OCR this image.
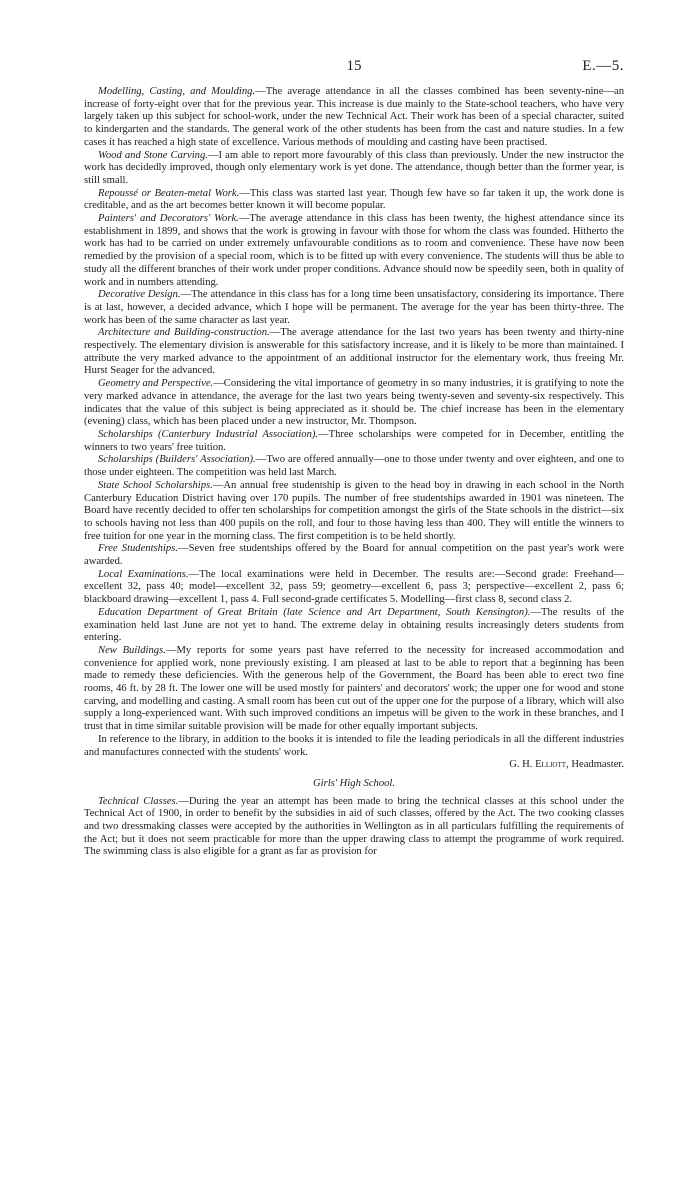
15	E.—5.

Modelling, Casting, and Moulding.—The average attendance in all the classes combined has been seventy-nine—an increase of forty-eight over that for the previous year. This increase is due mainly to the State-school teachers, who have very largely taken up this subject for school-work, under the new Technical Act. Their work has been of a special character, suited to kindergarten and the standards. The general work of the other students has been from the cast and nature studies. In a few cases it has reached a high state of excellence. Various methods of moulding and casting have been practised.

Wood and Stone Carving.—I am able to report more favourably of this class than previously. Under the new instructor the work has decidedly improved, though only elementary work is yet done. The attendance, though better than the former year, is still small.

Repoussé or Beaten-metal Work.—This class was started last year. Though few have so far taken it up, the work done is creditable, and as the art becomes better known it will become popular.

Painters' and Decorators' Work.—The average attendance in this class has been twenty, the highest attendance since its establishment in 1899, and shows that the work is growing in favour with those for whom the class was founded. Hitherto the work has had to be carried on under extremely unfavourable conditions as to room and convenience. These have now been remedied by the provision of a special room, which is to be fitted up with every convenience. The students will thus be able to study all the different branches of their work under proper conditions. Advance should now be speedily seen, both in quality of work and in numbers attending.

Decorative Design.—The attendance in this class has for a long time been unsatisfactory, considering its importance. There is at last, however, a decided advance, which I hope will be permanent. The average for the year has been thirty-three. The work has been of the same character as last year.

Architecture and Building-construction.—The average attendance for the last two years has been twenty and thirty-nine respectively. The elementary division is answerable for this satisfactory increase, and it is likely to be more than maintained. I attribute the very marked advance to the appointment of an additional instructor for the elementary work, thus freeing Mr. Hurst Seager for the advanced.

Geometry and Perspective.—Considering the vital importance of geometry in so many industries, it is gratifying to note the very marked advance in attendance, the average for the last two years being twenty-seven and seventy-six respectively. This indicates that the value of this subject is being appreciated as it should be. The chief increase has been in the elementary (evening) class, which has been placed under a new instructor, Mr. Thompson.

Scholarships (Canterbury Industrial Association).—Three scholarships were competed for in December, entitling the winners to two years' free tuition.

Scholarships (Builders' Association).—Two are offered annually—one to those under twenty and over eighteen, and one to those under eighteen. The competition was held last March.

State School Scholarships.—An annual free studentship is given to the head boy in drawing in each school in the North Canterbury Education District having over 170 pupils. The number of free studentships awarded in 1901 was nineteen. The Board have recently decided to offer ten scholarships for competition amongst the girls of the State schools in the district—six to schools having not less than 400 pupils on the roll, and four to those having less than 400. They will entitle the winners to free tuition for one year in the morning class. The first competition is to be held shortly.

Free Studentships.—Seven free studentships offered by the Board for annual competition on the past year's work were awarded.

Local Examinations.—The local examinations were held in December. The results are:—Second grade: Freehand—excellent 32, pass 40; model—excellent 32, pass 59; geometry—excellent 6, pass 3; perspective—excellent 2, pass 6; blackboard drawing—excellent 1, pass 4. Full second-grade certificates 5. Modelling—first class 8, second class 2.

Education Department of Great Britain (late Science and Art Department, South Kensington).—The results of the examination held last June are not yet to hand. The extreme delay in obtaining results increasingly deters students from entering.

New Buildings.—My reports for some years past have referred to the necessity for increased accommodation and convenience for applied work, none previously existing. I am pleased at last to be able to report that a beginning has been made to remedy these deficiencies. With the generous help of the Government, the Board has been able to erect two fine rooms, 46 ft. by 28 ft. The lower one will be used mostly for painters' and decorators' work; the upper one for wood and stone carving, and modelling and casting. A small room has been cut out of the upper one for the purpose of a library, which will also supply a long-experienced want. With such improved conditions an impetus will be given to the work in these branches, and I trust that in time similar suitable provision will be made for other equally important subjects.

In reference to the library, in addition to the books it is intended to file the leading periodicals in all the different industries and manufactures connected with the students' work.

G. H. Elliott, Headmaster.

Girls' High School.

Technical Classes.—During the year an attempt has been made to bring the technical classes at this school under the Technical Act of 1900, in order to benefit by the subsidies in aid of such classes, offered by the Act. The two cooking classes and two dressmaking classes were accepted by the authorities in Wellington as in all particulars fulfilling the requirements of the Act; but it does not seem practicable for more than the upper drawing class to attempt the programme of work required. The swimming class is also eligible for a grant as far as provision for
